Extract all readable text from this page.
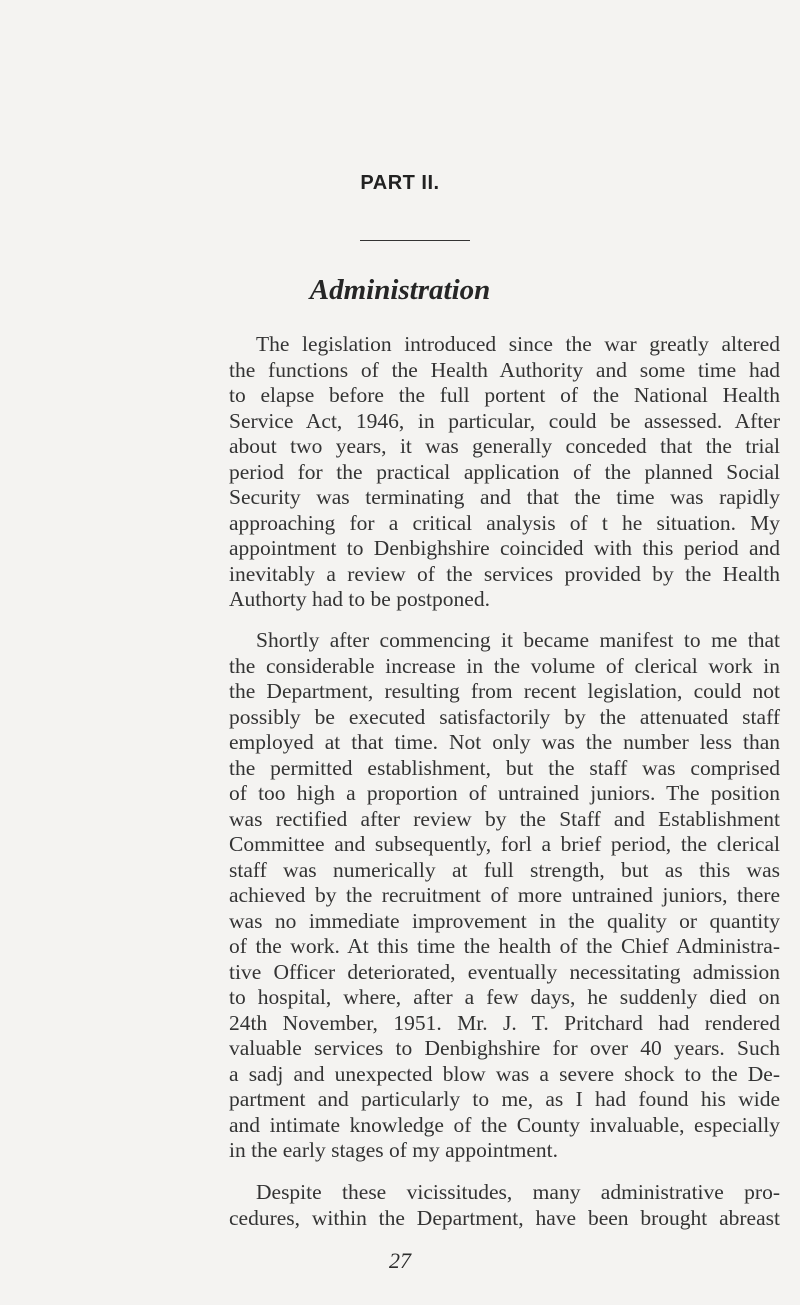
PART II.
Administration
The legislation introduced since the war greatly altered
the functions of the Health Authority and some time had
to elapse before the full portent of the National Health
Service Act, 1946, in particular, could be assessed. After
about two years, it was generally conceded that the trial
period for the practical application of the planned Social
Security was terminating and that the time was rapidly
approaching for a critical analysis of t he situation. My
appointment to Denbighshire coincided with this period and
inevitably a review of the services provided by the Health
Authorty had to be postponed.
Shortly after commencing it became manifest to me that
the considerable increase in the volume of clerical work in
the Department, resulting from recent legislation, could not
possibly be executed satisfactorily by the attenuated staff
employed at that time. Not only was the number less than
the permitted establishment, but the staff was comprised
of too high a proportion of untrained juniors. The position
was rectified after review by the Staff and Establishment
Committee and subsequently, forl a brief period, the clerical
staff was numerically at full strength, but as this was
achieved by the recruitment of more untrained juniors, there
was no immediate improvement in the quality or quantity
of the work. At this time the health of the Chief Administra-
tive Officer deteriorated, eventually necessitating admission
to hospital, where, after a few days, he suddenly died on
24th November, 1951. Mr. J. T. Pritchard had rendered
valuable services to Denbighshire for over 40 years. Such
a sadj and unexpected blow was a severe shock to the De-
partment and particularly to me, as I had found his wide
and intimate knowledge of the County invaluable, especially
in the early stages of my appointment.
Despite these vicissitudes, many administrative pro-
cedures, within the Department, have been brought abreast
27
